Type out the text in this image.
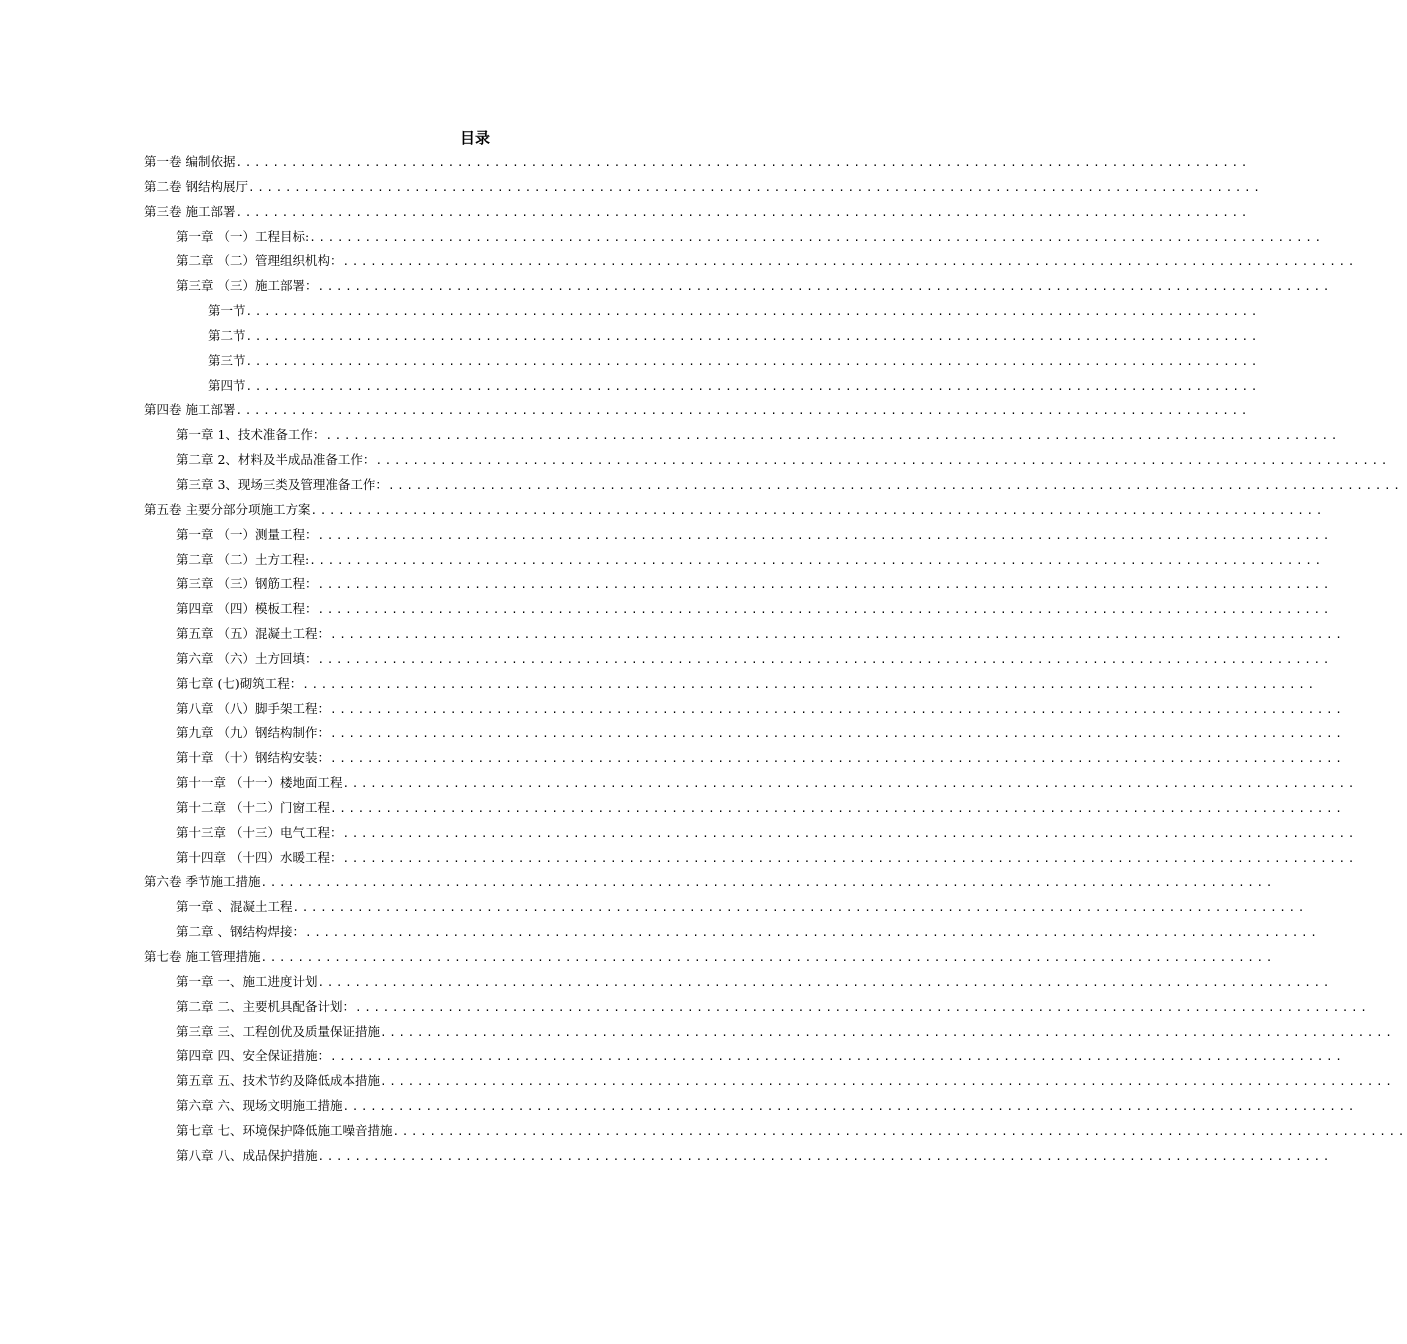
目录
第一卷 编制依据 ..............................................................................................................
第二卷 钢结构展厅 ..............................................................................................................
第三卷 施工部署 ..............................................................................................................
第一章 （一）工程目标: ..............................................................................................................
第二章 （二）管理组织机构： ..............................................................................................................
第三章 （三）施工部署： ..............................................................................................................
第一节 ..............................................................................................................
第二节 ..............................................................................................................
第三节 ..............................................................................................................
第四节 ..............................................................................................................
第四卷 施工部署 ..............................................................................................................
第一章 1、技术准备工作： ..............................................................................................................
第二章 2、材料及半成品准备工作： ..............................................................................................................
第三章 3、现场三类及管理准备工作： ..............................................................................................................
第五卷 主要分部分项施工方案 ..............................................................................................................
第一章 （一）测量工程： ..............................................................................................................
第二章 （二）土方工程: ..............................................................................................................
第三章 （三）钢筋工程： ..............................................................................................................
第四章 （四）模板工程： ..............................................................................................................
第五章 （五）混凝土工程： ..............................................................................................................
第六章 （六）土方回填： ..............................................................................................................
第七章 (七)砌筑工程： ..............................................................................................................
第八章 （八）脚手架工程： ..............................................................................................................
第九章 （九）钢结构制作： ..............................................................................................................
第十章 （十）钢结构安装： ..............................................................................................................
第十一章 （十一）楼地面工程 ..............................................................................................................
第十二章 （十二）门窗工程 ..............................................................................................................
第十三章 （十三）电气工程： ..............................................................................................................
第十四章 （十四）水暖工程： ..............................................................................................................
第六卷 季节施工措施 ..............................................................................................................
第一章 、混凝土工程 ..............................................................................................................
第二章 、钢结构焊接： ..............................................................................................................
第七卷 施工管理措施 ..............................................................................................................
第一章 一、施工进度计划 ..............................................................................................................
第二章 二、主要机具配备计划： ..............................................................................................................
第三章 三、工程创优及质量保证措施 ..............................................................................................................
第四章 四、安全保证措施： ..............................................................................................................
第五章 五、技术节约及降低成本措施 ..............................................................................................................
第六章 六、现场文明施工措施 ..............................................................................................................
第七章 七、环境保护降低施工噪音措施 ..............................................................................................................
第八章 八、成品保护措施 ..............................................................................................................
